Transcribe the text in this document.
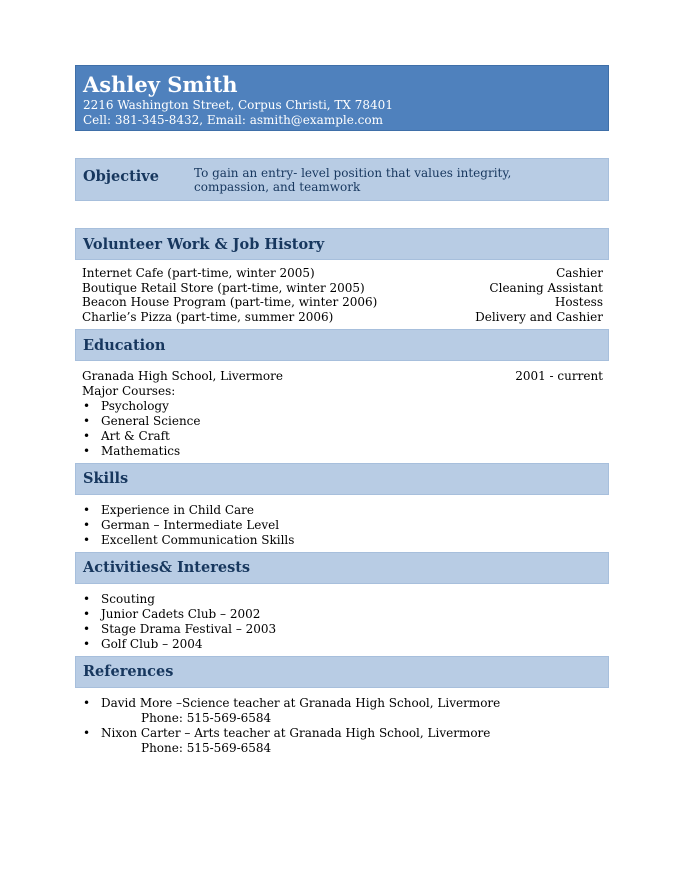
Ashley Smith
2216 Washington Street, Corpus Christi, TX 78401
Cell: 381-345-8432, Email: asmith@example.com
Objective	To gain an entry- level position that values integrity, compassion, and teamwork
Volunteer Work & Job History
Internet Cafe (part-time, winter 2005)	Cashier
Boutique Retail Store (part-time, winter 2005)	Cleaning Assistant
Beacon House Program (part-time, winter 2006)	Hostess
Charlie’s Pizza (part-time, summer 2006)	Delivery and Cashier
Education
Granada High School, Livermore	2001 - current
Major Courses:
• Psychology
• General Science
• Art & Craft
• Mathematics
Skills
• Experience in Child Care
• German – Intermediate Level
• Excellent Communication Skills
Activities& Interests
• Scouting
• Junior Cadets Club – 2002
• Stage Drama Festival – 2003
• Golf Club – 2004
References
• David More –Science teacher at Granada High School, Livermore
Phone: 515-569-6584
• Nixon Carter – Arts teacher at Granada High School, Livermore
Phone: 515-569-6584
